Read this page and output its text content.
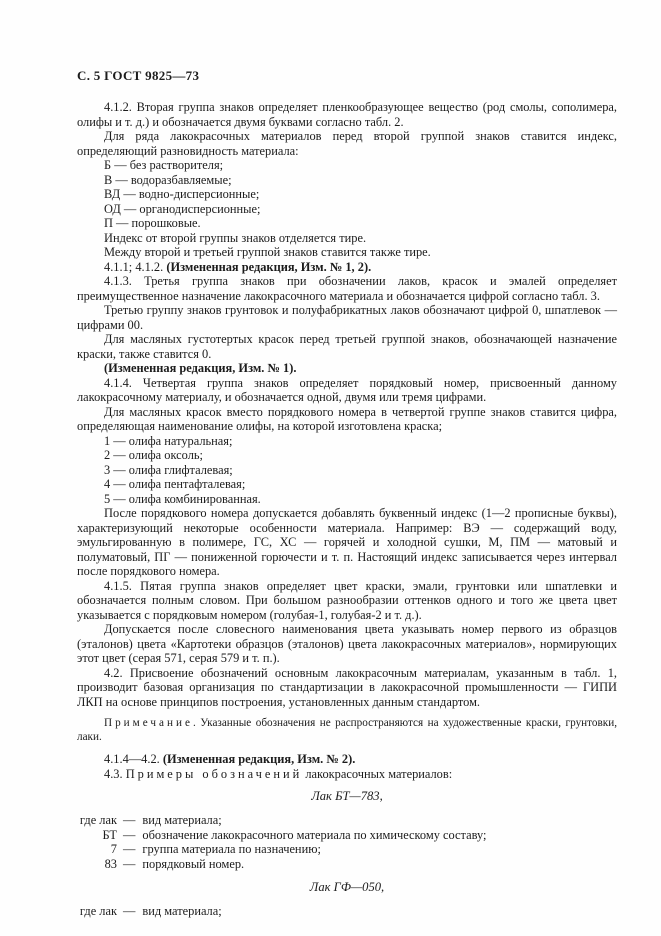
С. 5 ГОСТ 9825—73

4.1.2. Вторая группа знаков определяет пленкообразующее вещество (род смолы, сополимера, олифы и т. д.) и обозначается двумя буквами согласно табл. 2.

Для ряда лакокрасочных материалов перед второй группой знаков ставится индекс, определяющий разновидность материала:

Б — без растворителя;
В — водоразбавляемые;
ВД — водно-дисперсионные;
ОД — органодисперсионные;
П — порошковые.

Индекс от второй группы знаков отделяется тире.

Между второй и третьей группой знаков ставится также тире.

4.1.1; 4.1.2. (Измененная редакция, Изм. № 1, 2).

4.1.3. Третья группа знаков при обозначении лаков, красок и эмалей определяет преимущественное назначение лакокрасочного материала и обозначается цифрой согласно табл. 3.

Третью группу знаков грунтовок и полуфабрикатных лаков обозначают цифрой 0, шпатлевок — цифрами 00.

Для масляных густотертых красок перед третьей группой знаков, обозначающей назначение краски, также ставится 0.

(Измененная редакция, Изм. № 1).

4.1.4. Четвертая группа знаков определяет порядковый номер, присвоенный данному лакокрасочному материалу, и обозначается одной, двумя или тремя цифрами.

Для масляных красок вместо порядкового номера в четвертой группе знаков ставится цифра, определяющая наименование олифы, на которой изготовлена краска;

1 — олифа натуральная;
2 — олифа оксоль;
3 — олифа глифталевая;
4 — олифа пентафталевая;
5 — олифа комбинированная.

После порядкового номера допускается добавлять буквенный индекс (1—2 прописные буквы), характеризующий некоторые особенности материала. Например: ВЭ — содержащий воду, эмульгированную в полимере, ГС, ХС — горячей и холодной сушки, М, ПМ — матовый и полуматовый, ПГ — пониженной горючести и т. п. Настоящий индекс записывается через интервал после порядкового номера.

4.1.5. Пятая группа знаков определяет цвет краски, эмали, грунтовки или шпатлевки и обозначается полным словом. При большом разнообразии оттенков одного и того же цвета цвет указывается с порядковым номером (голубая-1, голубая-2 и т. д.).

Допускается после словесного наименования цвета указывать номер первого из образцов (эталонов) цвета «Картотеки образцов (эталонов) цвета лакокрасочных материалов», нормирующих этот цвет (серая 571, серая 579 и т. п.).

4.2. Присвоение обозначений основным лакокрасочным материалам, указанным в табл. 1, производит базовая организация по стандартизации в лакокрасочной промышленности — ГИПИ ЛКП на основе принципов построения, установленных данным стандартом.

Примечание. Указанные обозначения не распространяются на художественные краски, грунтовки, лаки.

4.1.4—4.2. (Измененная редакция, Изм. № 2).

4.3. Примеры обозначений лакокрасочных материалов:

Лак БТ—783,
где лак — вид материала;
БТ — обозначение лакокрасочного материала по химическому составу;
7 — группа материала по назначению;
83 — порядковый номер.
Лак ГФ—050,
где лак — вид материала;
